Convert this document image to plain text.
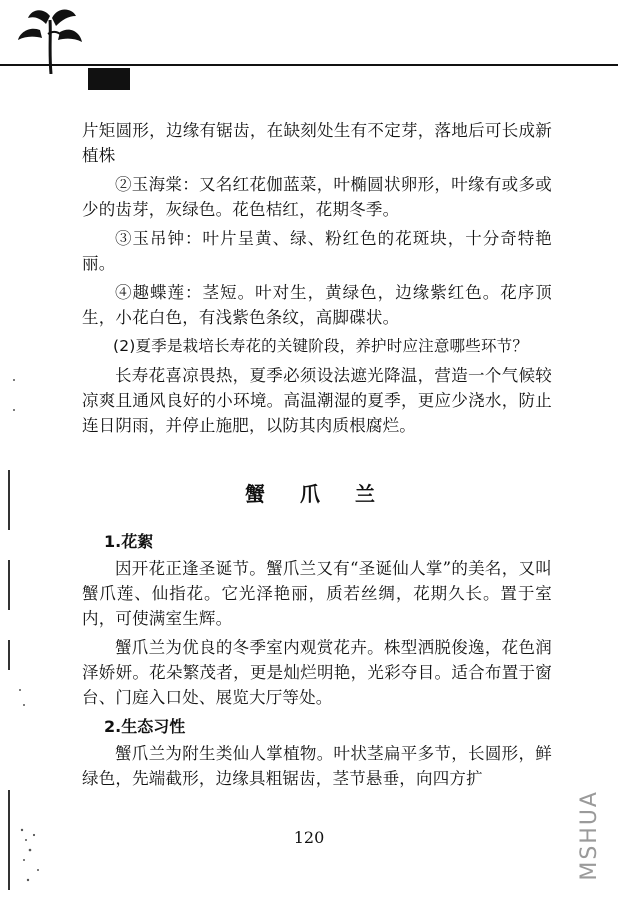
片矩圆形，边缘有锯齿，在缺刻处生有不定芽，落地后可长成新植株

②玉海棠：又名红花伽蓝菜，叶椭圆状卵形，叶缘有或多或少的齿芽，灰绿色。花色桔红，花期冬季。

③玉吊钟：叶片呈黄、绿、粉红色的花斑块，十分奇特艳丽。

④趣蝶莲：茎短。叶对生，黄绿色，边缘紫红色。花序顶生，小花白色，有浅紫色条纹，高脚碟状。

(2)夏季是栽培长寿花的关键阶段，养护时应注意哪些环节？

长寿花喜凉畏热，夏季必须设法遮光降温，营造一个气候较凉爽且通风良好的小环境。高温潮湿的夏季，更应少浇水，防止连日阴雨，并停止施肥，以防其肉质根腐烂。

蟹 爪 兰
1.花絮

因开花正逢圣诞节。蟹爪兰又有“圣诞仙人掌”的美名，又叫蟹爪莲、仙指花。它光泽艳丽，质若丝绸，花期久长。置于室内，可使满室生辉。

蟹爪兰为优良的冬季室内观赏花卉。株型洒脱俊逸，花色润泽娇妍。花朵繁茂者，更是灿烂明艳，光彩夺目。适合布置于窗台、门庭入口处、展览大厅等处。

2.生态习性

蟹爪兰为附生类仙人掌植物。叶状茎扁平多节，长圆形，鲜绿色，先端截形，边缘具粗锯齿，茎节悬垂，向四方扩

120	MSHUA
